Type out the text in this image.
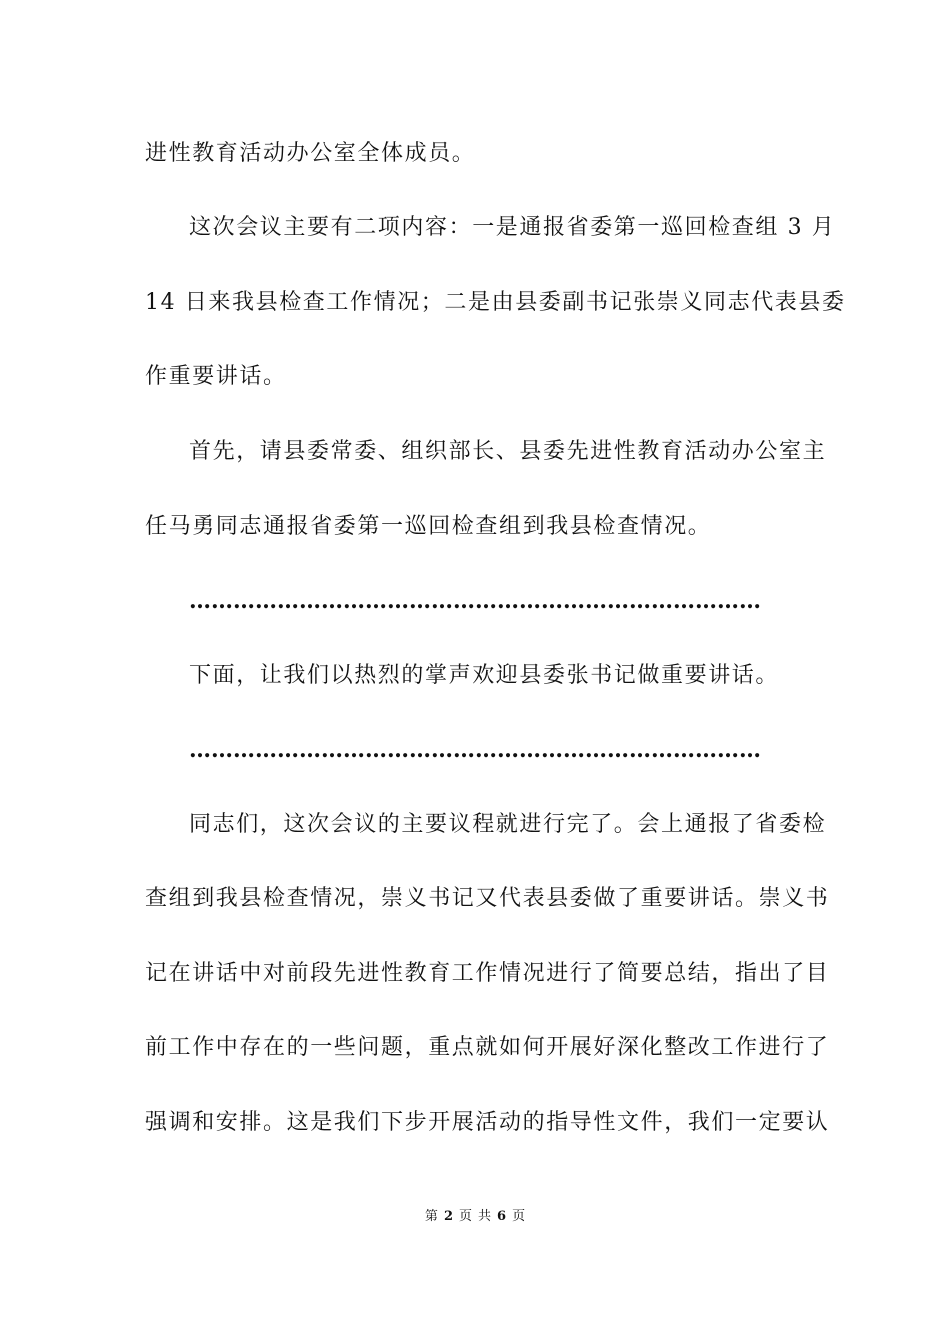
进性教育活动办公室全体成员。
这次会议主要有二项内容：一是通报省委第一巡回检查组 3 月
14 日来我县检查工作情况；二是由县委副书记张崇义同志代表县委
作重要讲话。
首先，请县委常委、组织部长、县委先进性教育活动办公室主
任马勇同志通报省委第一巡回检查组到我县检查情况。
……………………………………………………………………
下面，让我们以热烈的掌声欢迎县委张书记做重要讲话。
……………………………………………………………………
同志们，这次会议的主要议程就进行完了。会上通报了省委检
查组到我县检查情况，崇义书记又代表县委做了重要讲话。崇义书
记在讲话中对前段先进性教育工作情况进行了简要总结，指出了目
前工作中存在的一些问题，重点就如何开展好深化整改工作进行了
强调和安排。这是我们下步开展活动的指导性文件，我们一定要认
第 2 页 共 6 页
